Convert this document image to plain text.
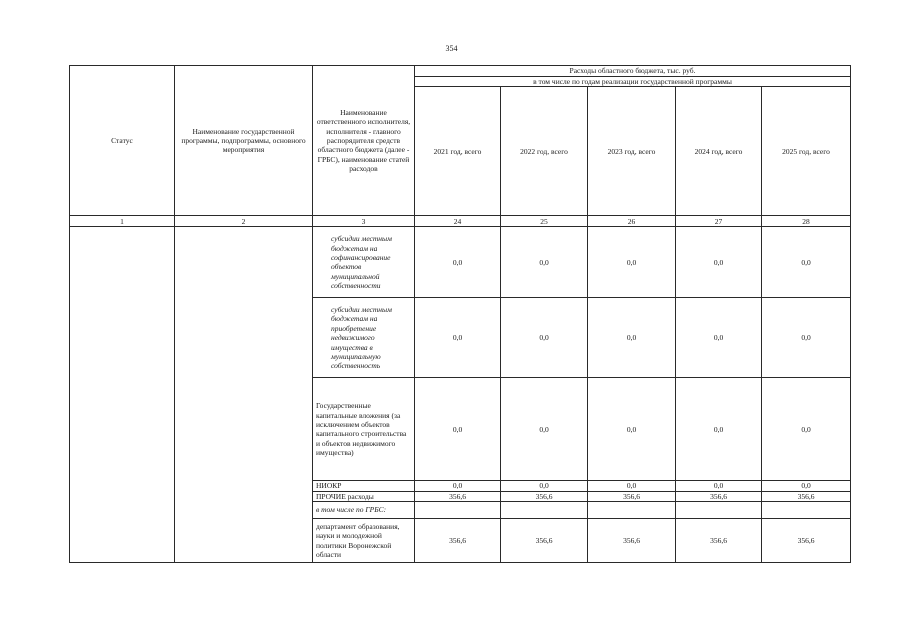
354
Статус	Наименование государственной программы, подпрограммы, основного мероприятия	Наименование ответственного исполнителя, исполнителя - главного распорядителя средств областного бюджета (далее - ГРБС), наименование статей расходов	Расходы областного бюджета, тыс. руб.				
			в том числе по годам реализации государственной программы				
			2021 год, всего	2022 год, всего	2023 год, всего	2024 год, всего	2025 год, всего
1	2	3	24	25	26	27	28
		субсидии местным бюджетам на софинансирование объектов муниципальной собственности	0,0	0,0	0,0	0,0	0,0
		субсидии местным бюджетам на приобретение недвижимого имущества в муниципальную собственность	0,0	0,0	0,0	0,0	0,0
		Государственные капитальные вложения (за исключением объектов капитального строительства и объектов недвижимого имущества)	0,0	0,0	0,0	0,0	0,0
		НИОКР	0,0	0,0	0,0	0,0	0,0
		ПРОЧИЕ расходы	356,6	356,6	356,6	356,6	356,6
		в том числе по ГРБС:					
		департамент образования, науки и молодежной политики Воронежской области	356,6	356,6	356,6	356,6	356,6
